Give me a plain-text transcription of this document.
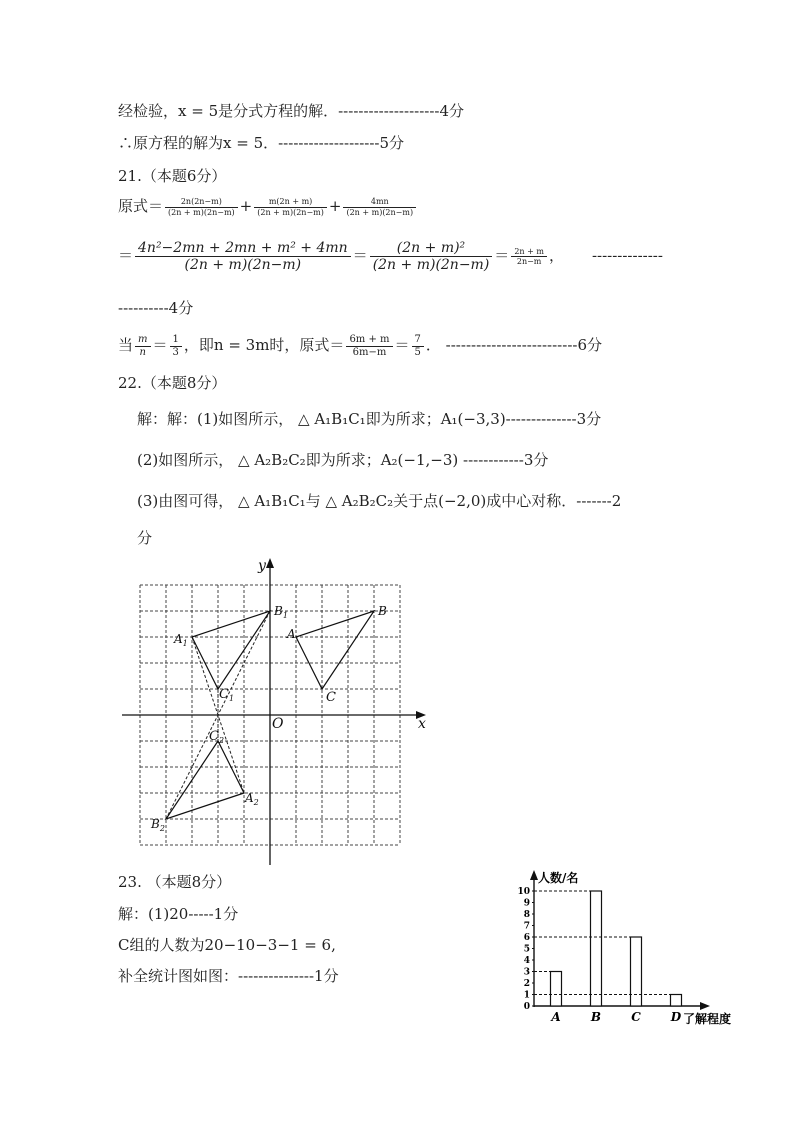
经检验，x = 5是分式方程的解．--------------------4分
∴原方程的解为x = 5．--------------------5分
21.（本题6分）
原式＝ $\frac{2n(2n-m)}{(2n + m)(2n-m)} + \frac{m(2n + m)}{(2n + m)(2n-m)} + \frac{4mn}{(2n + m)(2n-m)}$
＝ $\frac{\text{4n²−2mn + 2mn + m² + 4mn}}{(2n + m)(2n-m)} = \frac{\text{(2n + m)²}}{(2n + m)(2n-m)} = \frac{2n + m}{2n-m}$ ， --------------
----------4分
当 $\frac{m}{n} = \frac{1}{3}$ ，即n = 3m时，原式＝ $\frac{6m + m}{6m-m} = \frac{7}{5}$ ． --------------------------6分
22.（本题8分）
解：解：(1)如图所示， △ A₁B₁C₁即为所求；A₁(−3,3)--------------3分
(2)如图所示， △ A₂B₂C₂即为所求；A₂(−1,−3) ------------3分
(3)由图可得， △ A₁B₁C₁与 △ A₂B₂C₂关于点(−2,0)成中心对称．-------2
分
y
x
O
A
B
C
$A_1$
$B_1$
$C_1$
$A_2$
$B_2$
$C_2$
23. （本题8分）
解：(1)20-----1分
C组的人数为20−10−3−1 = 6,
补全统计图如图：---------------1分
人数/名
了解程度
0
1
2
3
4
5
6
7
8
9
10
A	B	C	D
